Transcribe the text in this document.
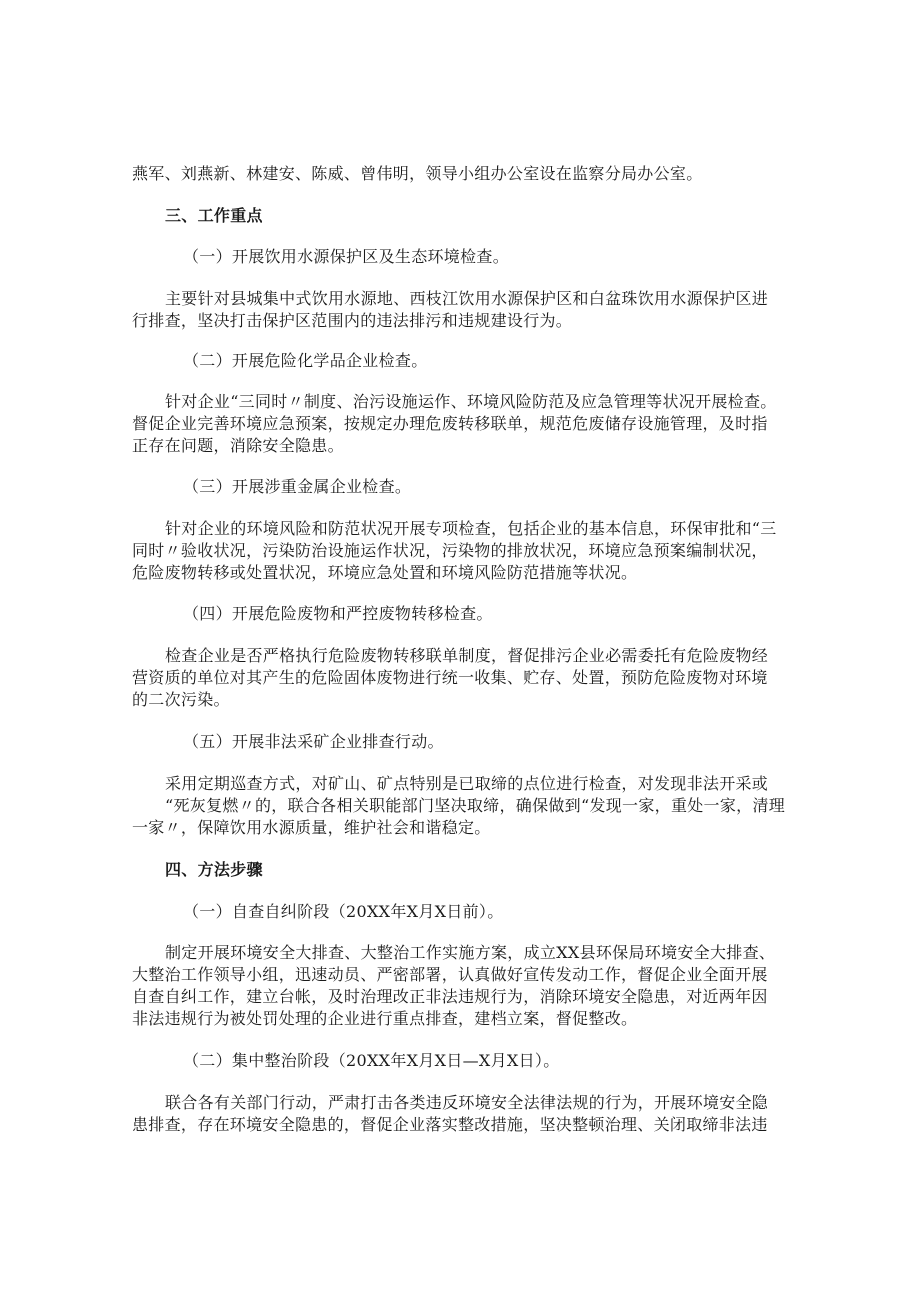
燕军、刘燕新、林建安、陈威、曾伟明，领导小组办公室设在监察分局办公室。
三、工作重点
（一）开展饮用水源保护区及生态环境检查。
主要针对县城集中式饮用水源地、西枝江饮用水源保护区和白盆珠饮用水源保护区进
行排查，坚决打击保护区范围内的违法排污和违规建设行为。
（二）开展危险化学品企业检查。
针对企业“三同时〃制度、治污设施运作、环境风险防范及应急管理等状况开展检查。
督促企业完善环境应急预案，按规定办理危废转移联单，规范危废储存设施管理，及时指
正存在问题，消除安全隐患。
（三）开展涉重金属企业检查。
针对企业的环境风险和防范状况开展专项检查，包括企业的基本信息，环保审批和“三
同时〃验收状况，污染防治设施运作状况，污染物的排放状况，环境应急预案编制状况，
危险废物转移或处置状况，环境应急处置和环境风险防范措施等状况。
（四）开展危险废物和严控废物转移检查。
检查企业是否严格执行危险废物转移联单制度，督促排污企业必需委托有危险废物经
营资质的单位对其产生的危险固体废物进行统一收集、贮存、处置，预防危险废物对环境
的二次污染。
（五）开展非法采矿企业排查行动。
采用定期巡查方式，对矿山、矿点特别是已取缔的点位进行检查，对发现非法开采或
“死灰复燃〃的，联合各相关职能部门坚决取缔，确保做到“发现一家，重处一家，清理
一家〃，保障饮用水源质量，维护社会和谐稳定。
四、方法步骤
（一）自查自纠阶段（20XX年X月X日前）。
制定开展环境安全大排查、大整治工作实施方案，成立XX县环保局环境安全大排查、
大整治工作领导小组，迅速动员、严密部署，认真做好宣传发动工作，督促企业全面开展
自查自纠工作，建立台帐，及时治理改正非法违规行为，消除环境安全隐患，对近两年因
非法违规行为被处罚处理的企业进行重点排查，建档立案，督促整改。
（二）集中整治阶段（20XX年X月X日—X月X日）。
联合各有关部门行动，严肃打击各类违反环境安全法律法规的行为，开展环境安全隐
患排查，存在环境安全隐患的，督促企业落实整改措施，坚决整顿治理、关闭取缔非法违
